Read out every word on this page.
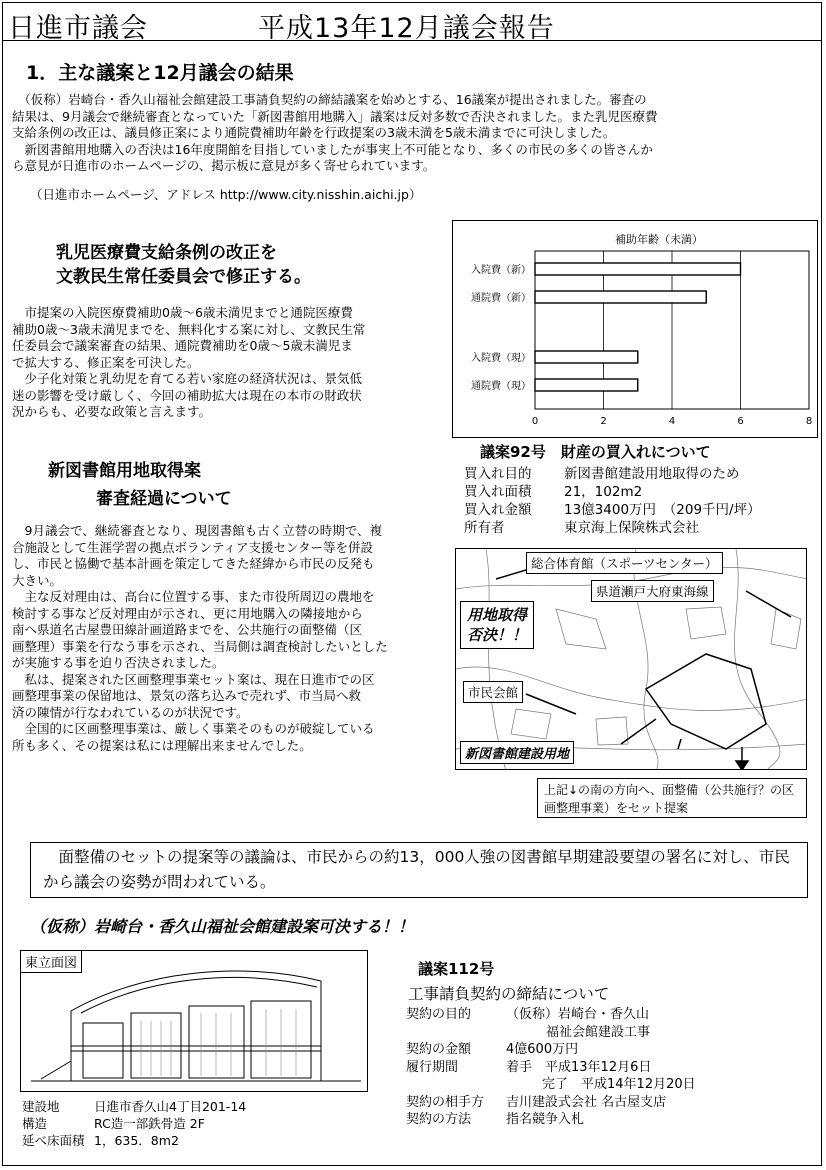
日進市議会	平成13年12月議会報告
1．主な議案と12月議会の結果
　（仮称）岩崎台・香久山福祉会館建設工事請負契約の締結議案を始めとする、16議案が提出されました。審査の
結果は、9月議会で継続審査となっていた「新図書館用地購入」議案は反対多数で否決されました。また乳児医療費
支給条例の改正は、議員修正案により通院費補助年齢を行政提案の3歳未満を5歳未満までに可決しました。
　新図書館用地購入の否決は16年度開館を目指していましたが事実上不可能となり、多くの市民の多くの皆さんか
ら意見が日進市のホームページの、掲示板に意見が多く寄せられています。
（日進市ホームページ、アドレス http://www.city.nisshin.aichi.jp）
乳児医療費支給条例の改正を
文教民生常任委員会で修正する。
　市提案の入院医療費補助0歳～6歳未満児までと通院医療費
補助0歳～3歳未満児までを、無料化する案に対し、文教民生常
任委員会で議案審査の結果、通院費補助を0歳～5歳未満児ま
で拡大する、修正案を可決した。
　少子化対策と乳幼児を育てる若い家庭の経済状況は、景気低
迷の影響を受け厳しく、今回の補助拡大は現在の本市の財政状
況からも、必要な政策と言えます。
補助年齢（未満）
0	2	4	6	8
入院費（新）
通院費（新）
入院費（現）
通院費（現）
新図書館用地取得案
審査経過について
　9月議会で、継続審査となり、現図書館も古く立替の時期で、複
合施設として生涯学習の拠点ボランティア支援センター等を併設
し、市民と協働で基本計画を策定してきた経緯から市民の反発も
大きい。
　主な反対理由は、高台に位置する事、また市役所周辺の農地を
検討する事など反対理由が示され、更に用地購入の隣接地から
南へ県道名古屋豊田線計画道路までを、公共施行の面整備（区
画整理）事業を行なう事を示され、当局側は調査検討したいとした
が実施する事を迫り否決されました。
　私は、提案された区画整理事業セット案は、現在日進市での区
画整理事業の保留地は、景気の落ち込みで売れず、市当局へ救
済の陳情が行なわれているのが状況です。
　全国的に区画整理事業は、厳しく事業そのものが破綻している
所も多く、その提案は私には理解出来ませんでした。
議案92号　財産の買入れについて
買入れ目的 新図書館建設用地取得のため
買入れ面積 21，102m2
買入れ金額 13億3400万円　（209千円/坪）
所有者	東京海上保険株式会社
総合体育館（スポーツセンター）
県道瀬戸大府東海線
用地取得
否決！！
市民会館
新図書館建設用地
上記↓の南の方向へ、面整備（公共施行？の区画整理事業）をセット提案
　面整備のセットの提案等の議論は、市民からの約13，000人強の図書館早期建設要望の署名に対し、市民から議会の姿勢が問われている。
（仮称）岩崎台・香久山福祉会館建設案可決する！！
東立面図
建設地	日進市香久山4丁目201-14
構造	RC造一部鉄骨造 2F
延べ床面積 1，635．8m2
議案112号
工事請負契約の締結について
契約の目的	（仮称）岩崎台・香久山
福祉会館建設工事
契約の金額	4億600万円
履行期間	着手　平成13年12月6日
完了　平成14年12月20日
契約の相手方 吉川建設式会社 名古屋支店
契約の方法	指名競争入札
